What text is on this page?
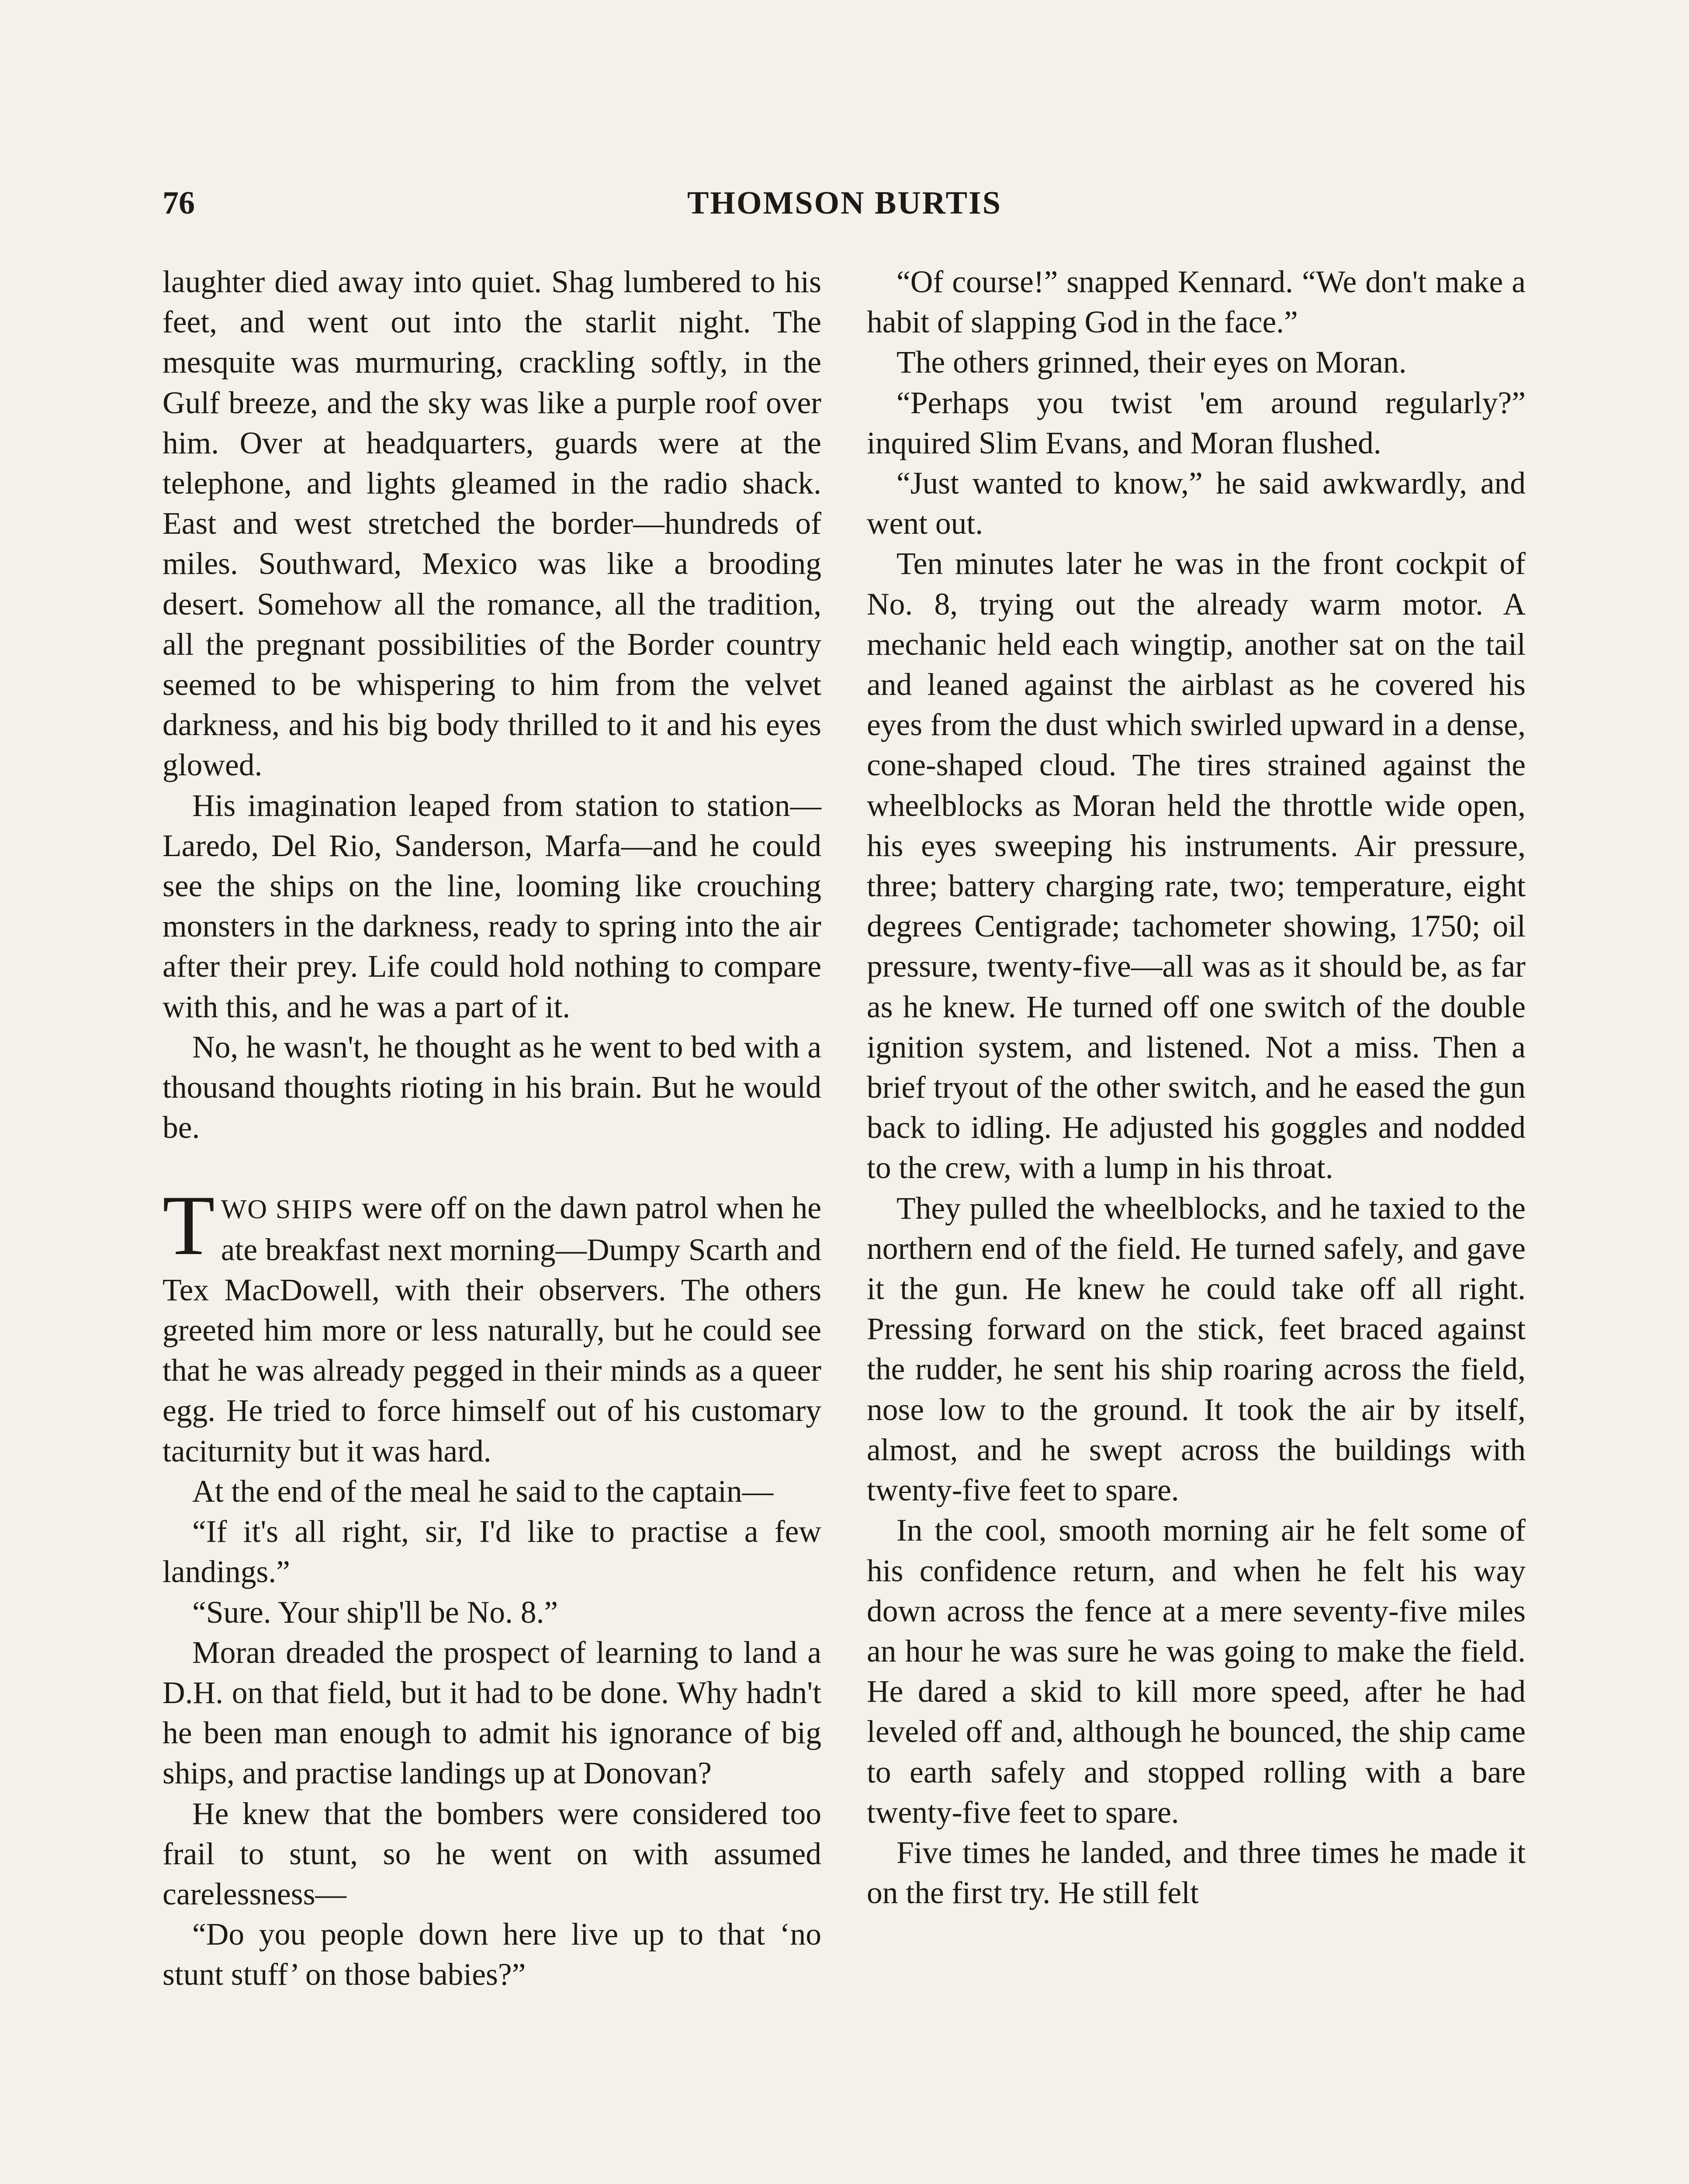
76	THOMSON BURTIS

laughter died away into quiet. Shag lumbered to his feet, and went out into the starlit night. The mesquite was murmuring, crackling softly, in the Gulf breeze, and the sky was like a purple roof over him. Over at headquarters, guards were at the telephone, and lights gleamed in the radio shack. East and west stretched the border—hundreds of miles. Southward, Mexico was like a brooding desert. Somehow all the romance, all the tradition, all the pregnant possibilities of the Border country seemed to be whispering to him from the velvet darkness, and his big body thrilled to it and his eyes glowed.

His imagination leaped from station to station—Laredo, Del Rio, Sanderson, Marfa—and he could see the ships on the line, looming like crouching monsters in the darkness, ready to spring into the air after their prey. Life could hold nothing to compare with this, and he was a part of it.

No, he wasn't, he thought as he went to bed with a thousand thoughts rioting in his brain. But he would be.

TWO SHIPS were off on the dawn patrol when he ate breakfast next morning—Dumpy Scarth and Tex MacDowell, with their observers. The others greeted him more or less naturally, but he could see that he was already pegged in their minds as a queer egg. He tried to force himself out of his customary taciturnity but it was hard.

At the end of the meal he said to the captain—

“If it's all right, sir, I'd like to practise a few landings.”

“Sure. Your ship'll be No. 8.”

Moran dreaded the prospect of learning to land a D.H. on that field, but it had to be done. Why hadn't he been man enough to admit his ignorance of big ships, and practise landings up at Donovan?

He knew that the bombers were considered too frail to stunt, so he went on with assumed carelessness—

“Do you people down here live up to that ‘no stunt stuff’ on those babies?”

“Of course!” snapped Kennard. “We don't make a habit of slapping God in the face.”

The others grinned, their eyes on Moran.

“Perhaps you twist 'em around regularly?” inquired Slim Evans, and Moran flushed.

“Just wanted to know,” he said awkwardly, and went out.

Ten minutes later he was in the front cockpit of No. 8, trying out the already warm motor. A mechanic held each wingtip, another sat on the tail and leaned against the airblast as he covered his eyes from the dust which swirled upward in a dense, cone-shaped cloud. The tires strained against the wheelblocks as Moran held the throttle wide open, his eyes sweeping his instruments. Air pressure, three; battery charging rate, two; temperature, eight degrees Centigrade; tachometer showing, 1750; oil pressure, twenty-five—all was as it should be, as far as he knew. He turned off one switch of the double ignition system, and listened. Not a miss. Then a brief tryout of the other switch, and he eased the gun back to idling. He adjusted his goggles and nodded to the crew, with a lump in his throat.

They pulled the wheelblocks, and he taxied to the northern end of the field. He turned safely, and gave it the gun. He knew he could take off all right. Pressing forward on the stick, feet braced against the rudder, he sent his ship roaring across the field, nose low to the ground. It took the air by itself, almost, and he swept across the buildings with twenty-five feet to spare.

In the cool, smooth morning air he felt some of his confidence return, and when he felt his way down across the fence at a mere seventy-five miles an hour he was sure he was going to make the field. He dared a skid to kill more speed, after he had leveled off and, although he bounced, the ship came to earth safely and stopped rolling with a bare twenty-five feet to spare.

Five times he landed, and three times he made it on the first try. He still felt
